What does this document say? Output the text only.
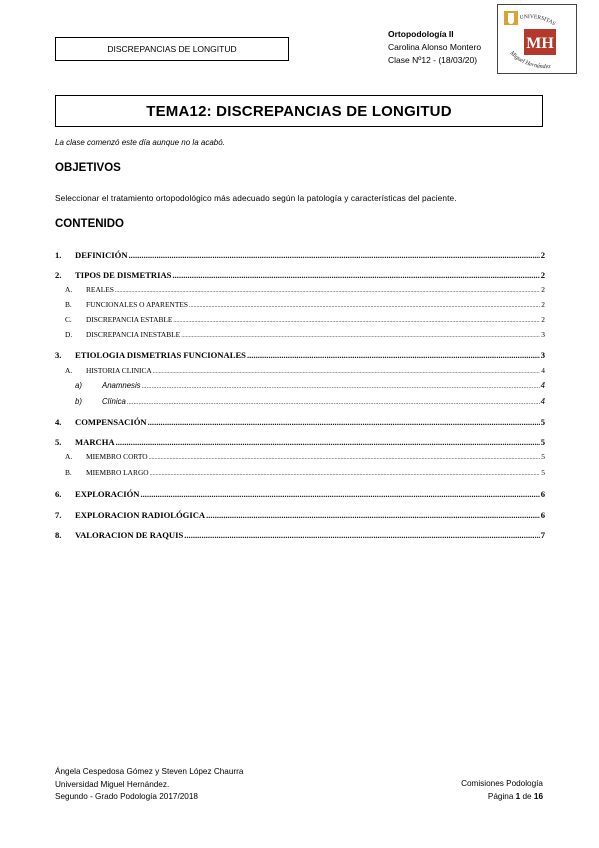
DISCREPANCIAS DE LONGITUD
Ortopodología II
Carolina Alonso Montero
Clase Nº12 - (18/03/20)
MH
UNIVERSITAS
Miguel Hernández
TEMA12: DISCREPANCIAS DE LONGITUD
La clase comenzó este día aunque no la acabó.
OBJETIVOS
Seleccionar el tratamiento ortopodológico más adecuado según la patología y características del paciente.
CONTENIDO
1.	DEFINICIÓN .....	2
2.	TIPOS DE DISMETRIAS .....	2
A.	REALES .....	2
B.	FUNCIONALES O APARENTES .....	2
C.	DISCREPANCIA ESTABLE .....	2
D.	DISCREPANCIA INESTABLE .....	3
3.	ETIOLOGIA DISMETRIAS FUNCIONALES .....	3
A.	HISTORIA CLINICA .....	4
a)	Anamnesis .....	4
b)	Clínica .....	4
4.	COMPENSACIÓN .....	5
5.	MARCHA .....	5
A.	MIEMBRO CORTO .....	5
B.	MIEMBRO LARGO .....	5
6.	EXPLORACIÓN .....	6
7.	EXPLORACION RADIOLÓGICA .....	6
8.	VALORACION DE RAQUIS .....	7
Ángela Cespedosa Gómez y Steven López Chaurra
Universidad Miguel Hernández.
Segundo - Grado Podología 2017/2018
Comisiones Podología
Página 1 de 16
